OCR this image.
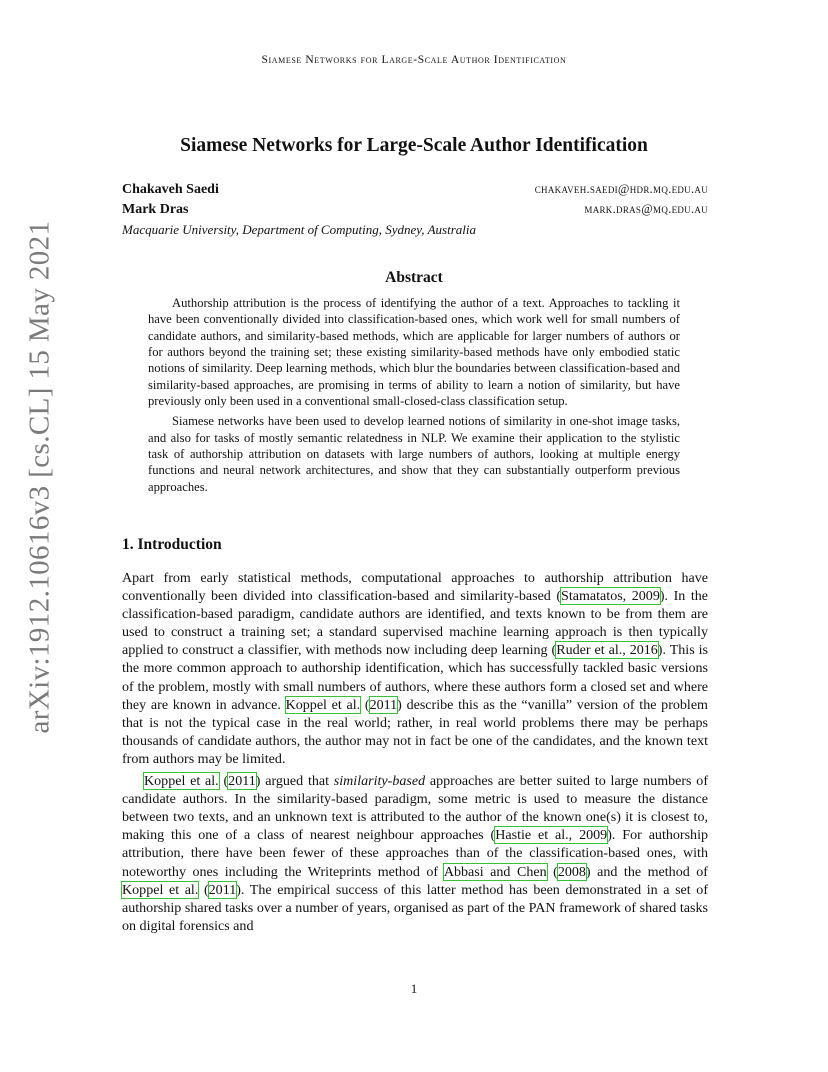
Siamese Networks for Large-Scale Author Identification
Siamese Networks for Large-Scale Author Identification
Chakaveh Saedi	chakaveh.saedi@hdr.mq.edu.au
Mark Dras	mark.dras@mq.edu.au
Macquarie University, Department of Computing, Sydney, Australia
Abstract

Authorship attribution is the process of identifying the author of a text. Approaches to tackling it have been conventionally divided into classification-based ones, which work well for small numbers of candidate authors, and similarity-based methods, which are applicable for larger numbers of authors or for authors beyond the training set; these existing similarity-based methods have only embodied static notions of similarity. Deep learning methods, which blur the boundaries between classification-based and similarity-based approaches, are promising in terms of ability to learn a notion of similarity, but have previously only been used in a conventional small-closed-class classification setup.

Siamese networks have been used to develop learned notions of similarity in one-shot image tasks, and also for tasks of mostly semantic relatedness in NLP. We examine their application to the stylistic task of authorship attribution on datasets with large numbers of authors, looking at multiple energy functions and neural network architectures, and show that they can substantially outperform previous approaches.

1. Introduction

Apart from early statistical methods, computational approaches to authorship attribution have conventionally been divided into classification-based and similarity-based (Stamatatos, 2009). In the classification-based paradigm, candidate authors are identified, and texts known to be from them are used to construct a training set; a standard supervised machine learning approach is then typically applied to construct a classifier, with methods now including deep learning (Ruder et al., 2016). This is the more common approach to authorship identification, which has successfully tackled basic versions of the problem, mostly with small numbers of authors, where these authors form a closed set and where they are known in advance. Koppel et al. (2011) describe this as the “vanilla” version of the problem that is not the typical case in the real world; rather, in real world problems there may be perhaps thousands of candidate authors, the author may not in fact be one of the candidates, and the known text from authors may be limited.

Koppel et al. (2011) argued that similarity-based approaches are better suited to large numbers of candidate authors. In the similarity-based paradigm, some metric is used to measure the distance between two texts, and an unknown text is attributed to the author of the known one(s) it is closest to, making this one of a class of nearest neighbour approaches (Hastie et al., 2009). For authorship attribution, there have been fewer of these approaches than of the classification-based ones, with noteworthy ones including the Writeprints method of Abbasi and Chen (2008) and the method of Koppel et al. (2011). The empirical success of this latter method has been demonstrated in a set of authorship shared tasks over a number of years, organised as part of the PAN framework of shared tasks on digital forensics and

1
arXiv:1912.10616v3 [cs.CL] 15 May 2021
